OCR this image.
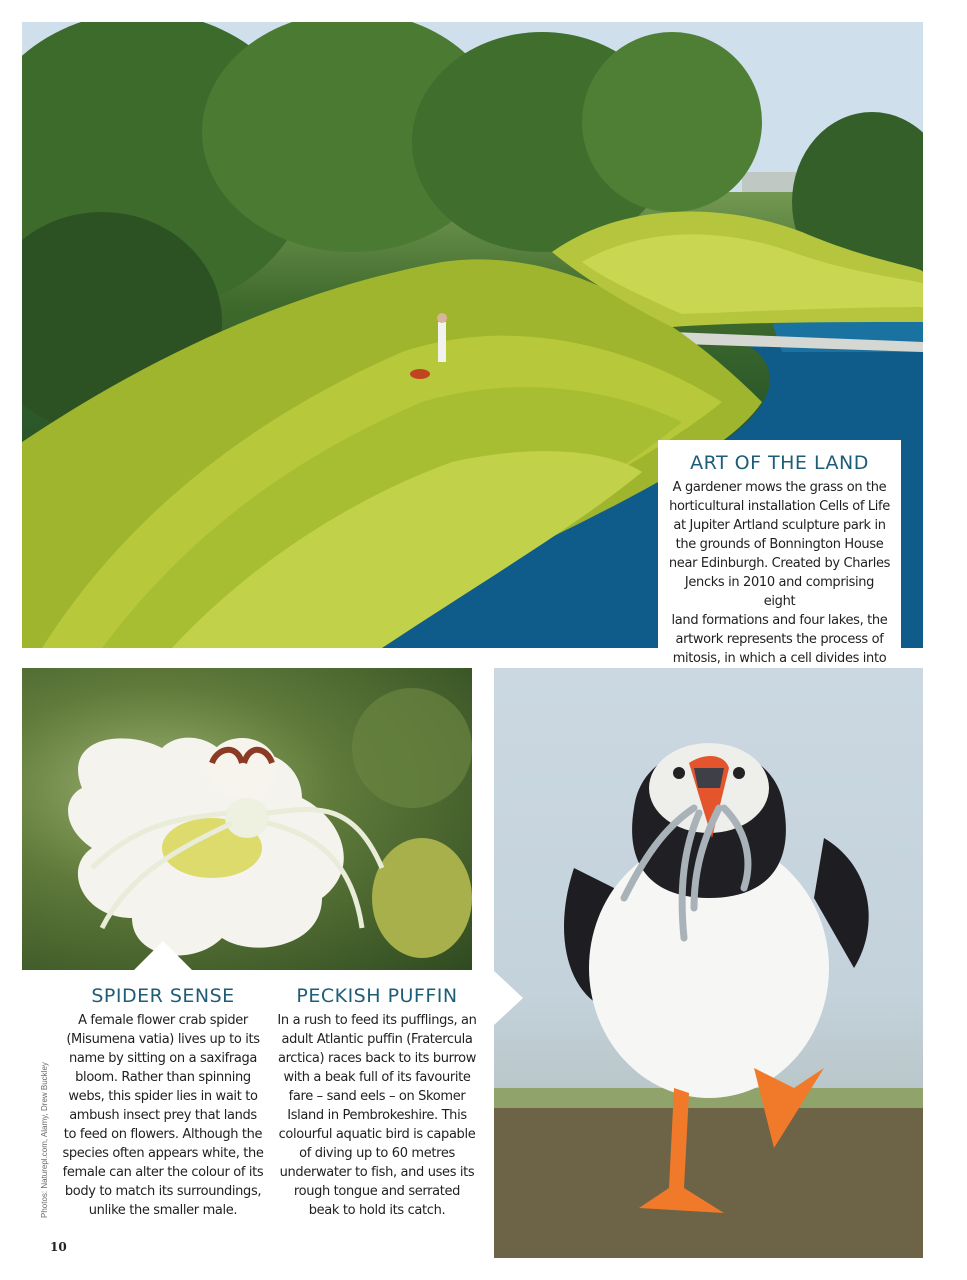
ART OF THE LAND

A gardener mows the grass on the
horticultural installation Cells of Life
at Jupiter Artland sculpture park in
the grounds of Bonnington House
near Edinburgh. Created by Charles
Jencks in 2010 and comprising eight
land formations and four lakes, the
artwork represents the process of
mitosis, in which a cell divides into

SPIDER SENSE

A female flower crab spider
(Misumena vatia) lives up to its
name by sitting on a saxifraga
bloom. Rather than spinning
webs, this spider lies in wait to
ambush insect prey that lands
to feed on flowers. Although the
species often appears white, the
female can alter the colour of its
body to match its surroundings,
unlike the smaller male.

PECKISH PUFFIN

In a rush to feed its pufflings, an
adult Atlantic puffin (Fratercula
arctica) races back to its burrow
with a beak full of its favourite
fare – sand eels – on Skomer
Island in Pembrokeshire. This
colourful aquatic bird is capable
of diving up to 60 metres
underwater to fish, and uses its
rough tongue and serrated
beak to hold its catch.

Photos: Naturepl.com, Alamy, Drew Buckley
10
